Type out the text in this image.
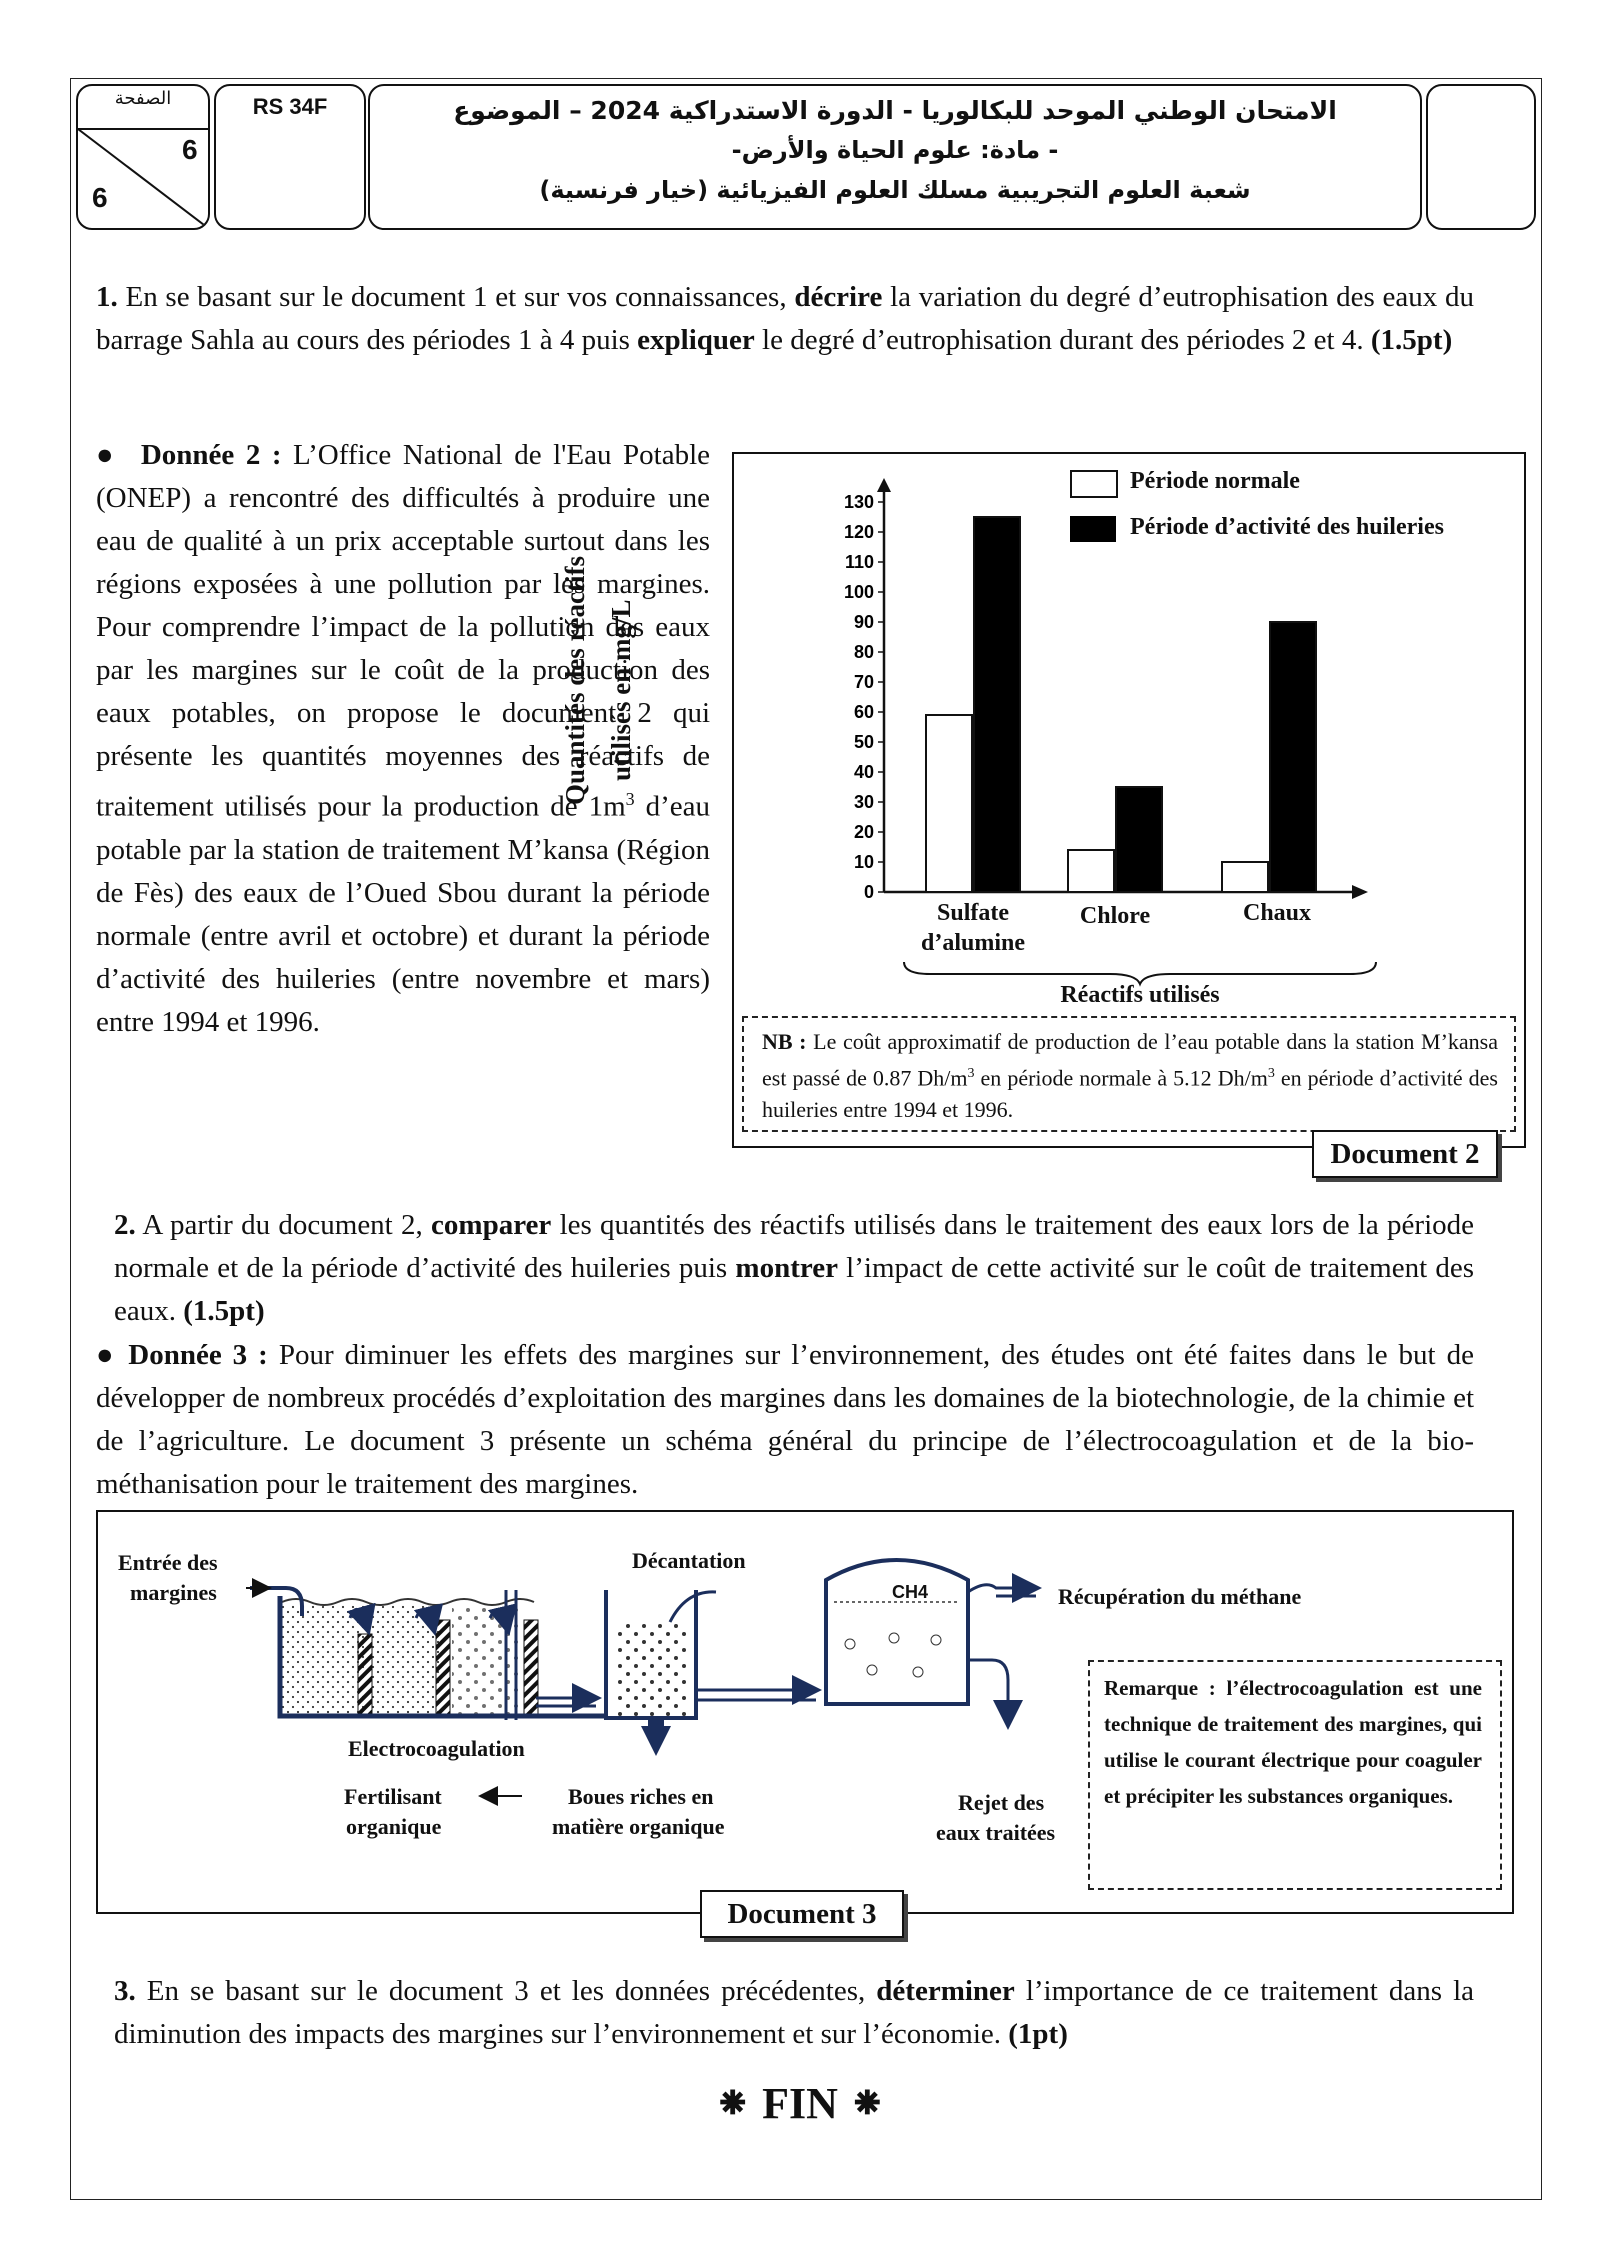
الصفحة
6
6
RS 34F	الامتحان الوطني الموحد للبكالوريا - الدورة الاستدراكية 2024 – الموضوع
- مادة: علوم الحياة والأرض-
شعبة العلوم التجريبية مسلك العلوم الفيزيائية (خيار فرنسية)
1. En se basant sur le document 1 et sur vos connaissances, décrire la variation du degré d’eutrophisation des eaux du barrage Sahla au cours des périodes 1 à 4 puis expliquer le degré d’eutrophisation durant des périodes 2 et 4. (1.5pt)
●  Donnée 2 : L’Office National de l'Eau Potable (ONEP) a rencontré des difficultés à produire une eau de qualité à un prix acceptable surtout dans les régions exposées à une pollution par les margines. Pour comprendre l’impact de la pollution des eaux par les margines sur le coût de la production des eaux potables, on propose le document 2 qui présente les quantités moyennes des réactifs de traitement utilisés pour la production de $1m^3$ d’eau potable par la station de traitement M’kansa (Région de Fès) des eaux de l’Oued Sbou durant la période normale (entre avril et octobre) et durant la période d’activité des huileries (entre novembre et mars) entre 1994 et 1996.
0
10
20
30
40
50
60
70
80
90
100
110
120
130
Quantités des réactifs utilisés en mg/L
Période normale
Période d’activité des huileries
Sulfate
d’alumine
Chlore	Chaux
Réactifs utilisés
NB : Le coût approximatif de production de l’eau potable dans la station M’kansa est passé de 0.87 $Dh/m^3$ en période normale à 5.12 $Dh/m^3$ en période d’activité des huileries entre 1994 et 1996.
Document 2
2. A partir du document 2, comparer les quantités des réactifs utilisés dans le traitement des eaux lors de la période normale et de la période d’activité des huileries puis montrer l’impact de cette activité sur le coût de traitement des eaux. (1.5pt)
● Donnée 3 : Pour diminuer les effets des margines sur l’environnement, des études ont été faites dans le but de développer de nombreux procédés d’exploitation des margines dans les domaines de la biotechnologie, de la chimie et de l’agriculture. Le document 3 présente un schéma général du principe de l’électrocoagulation et de la bio-méthanisation pour le traitement des margines.
Entrée des
margines
Décantation
CH4	Récupération du méthane
Electrocoagulation
Fertilisant
organique
Boues riches en
matière organique
Rejet des
eaux traitées
Remarque : l’électrocoagulation est une technique de traitement des margines, qui utilise le courant électrique pour coaguler et précipiter les substances organiques.
Document 3
3. En se basant sur le document 3 et les données précédentes, déterminer l’importance de ce traitement dans la diminution des impacts des margines sur l’environnement et sur l’économie. (1pt)
⁕ FIN ⁕
